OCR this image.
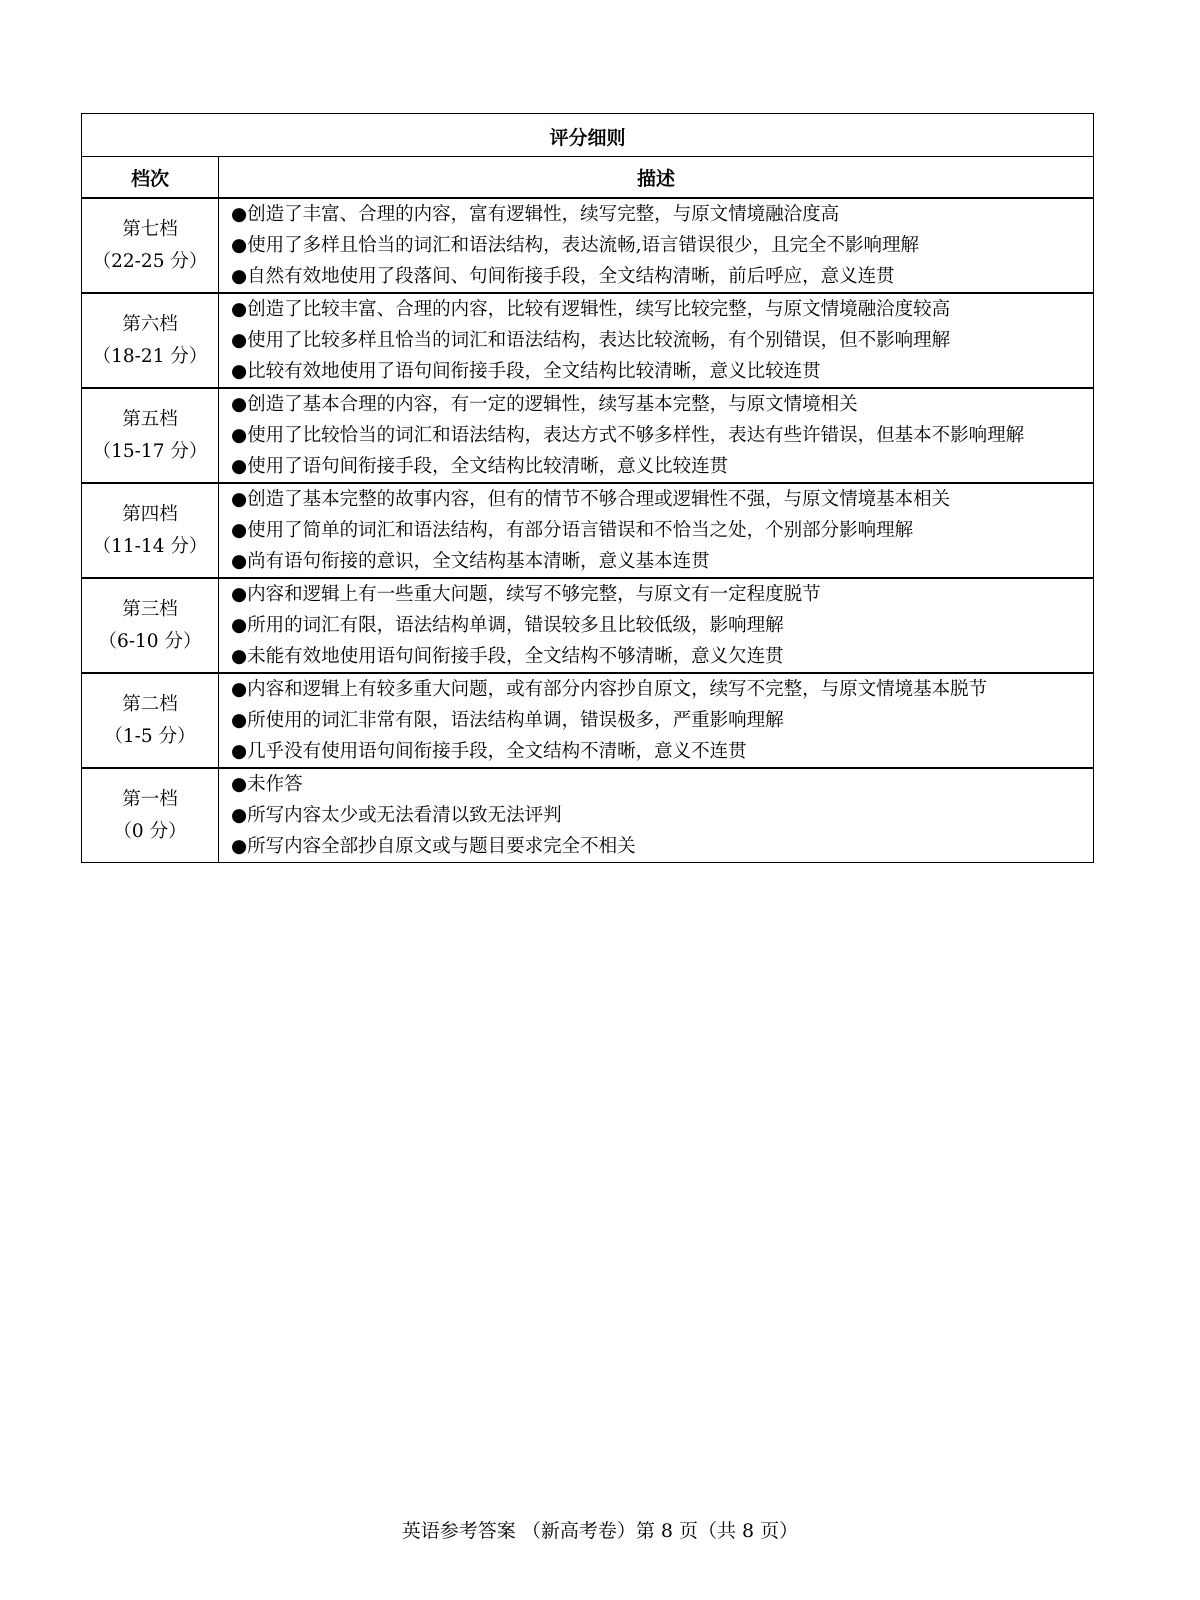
评分细则	
档次	描述

第七档
（22-25 分）	●创造了丰富、合理的内容，富有逻辑性，续写完整，与原文情境融洽度高
●使用了多样且恰当的词汇和语法结构，表达流畅,语言错误很少，且完全不影响理解
●自然有效地使用了段落间、句间衔接手段，全文结构清晰，前后呼应，意义连贯

第六档
（18-21 分）	●创造了比较丰富、合理的内容，比较有逻辑性，续写比较完整，与原文情境融洽度较高
●使用了比较多样且恰当的词汇和语法结构，表达比较流畅，有个别错误，但不影响理解
●比较有效地使用了语句间衔接手段，全文结构比较清晰，意义比较连贯

第五档
（15-17 分）	●创造了基本合理的内容，有一定的逻辑性，续写基本完整，与原文情境相关
●使用了比较恰当的词汇和语法结构，表达方式不够多样性，表达有些许错误，但基本不影响理解
●使用了语句间衔接手段，全文结构比较清晰，意义比较连贯

第四档
（11-14 分）	●创造了基本完整的故事内容，但有的情节不够合理或逻辑性不强，与原文情境基本相关
●使用了简单的词汇和语法结构，有部分语言错误和不恰当之处，个别部分影响理解
●尚有语句衔接的意识，全文结构基本清晰，意义基本连贯

第三档
（6-10 分）	●内容和逻辑上有一些重大问题，续写不够完整，与原文有一定程度脱节
●所用的词汇有限，语法结构单调，错误较多且比较低级，影响理解
●未能有效地使用语句间衔接手段，全文结构不够清晰，意义欠连贯

第二档
（1-5 分）	●内容和逻辑上有较多重大问题，或有部分内容抄自原文，续写不完整，与原文情境基本脱节
●所使用的词汇非常有限，语法结构单调，错误极多，严重影响理解
●几乎没有使用语句间衔接手段，全文结构不清晰，意义不连贯

第一档
（0 分）	●未作答
●所写内容太少或无法看清以致无法评判
●所写内容全部抄自原文或与题目要求完全不相关
英语参考答案 （新高考卷）第 8 页（共 8 页）
